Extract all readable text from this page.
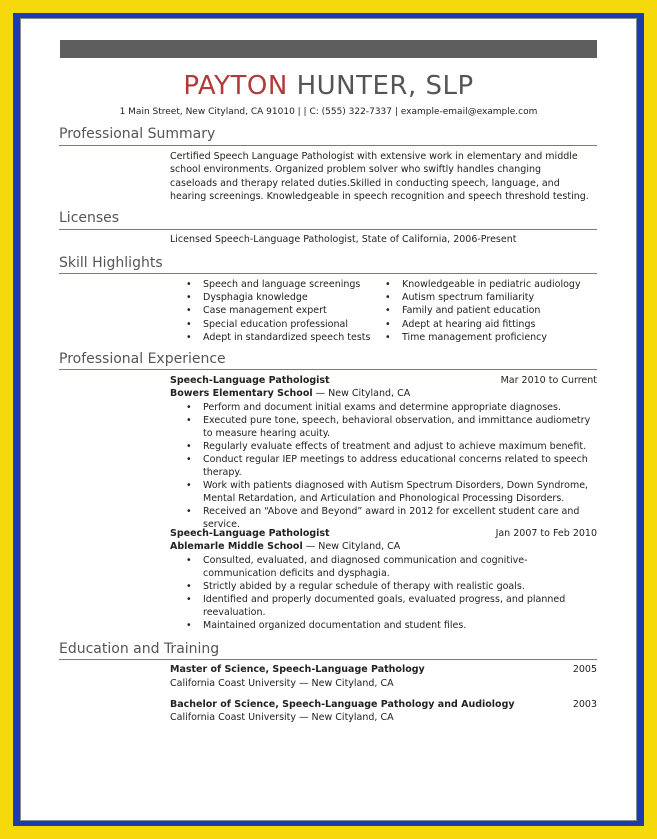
PAYTON HUNTER, SLP
1 Main Street, New Cityland, CA 91010 | | C: (555) 322-7337 | example-email@example.com
Professional Summary
Certified Speech Language Pathologist with extensive work in elementary and middle school environments. Organized problem solver who swiftly handles changing caseloads and therapy related duties.Skilled in conducting speech, language, and hearing screenings. Knowledgeable in speech recognition and speech threshold testing.
Licenses
Licensed Speech-Language Pathologist, State of California, 2006-Present
Skill Highlights
• Speech and language screenings
• Dysphagia knowledge
• Case management expert
• Special education professional
• Adept in standardized speech tests
• Knowledgeable in pediatric audiology
• Autism spectrum familiarity
• Family and patient education
• Adept at hearing aid fittings
• Time management proficiency
Professional Experience
Speech-Language Pathologist	Mar 2010 to Current
Bowers Elementary School — New Cityland, CA
• Perform and document initial exams and determine appropriate diagnoses.
• Executed pure tone, speech, behavioral observation, and immittance audiometry to measure hearing acuity.
• Regularly evaluate effects of treatment and adjust to achieve maximum benefit.
• Conduct regular IEP meetings to address educational concerns related to speech therapy.
• Work with patients diagnosed with Autism Spectrum Disorders, Down Syndrome, Mental Retardation, and Articulation and Phonological Processing Disorders.
• Received an “Above and Beyond” award in 2012 for excellent student care and service.
Speech-Language Pathologist	Jan 2007 to Feb 2010
Ablemarle Middle School — New Cityland, CA
• Consulted, evaluated, and diagnosed communication and cognitive-communication deficits and dysphagia.
• Strictly abided by a regular schedule of therapy with realistic goals.
• Identified and properly documented goals, evaluated progress, and planned reevaluation.
• Maintained organized documentation and student files.
Education and Training
Master of Science, Speech-Language Pathology	2005
California Coast University — New Cityland, CA
Bachelor of Science, Speech-Language Pathology and Audiology	2003
California Coast University — New Cityland, CA
